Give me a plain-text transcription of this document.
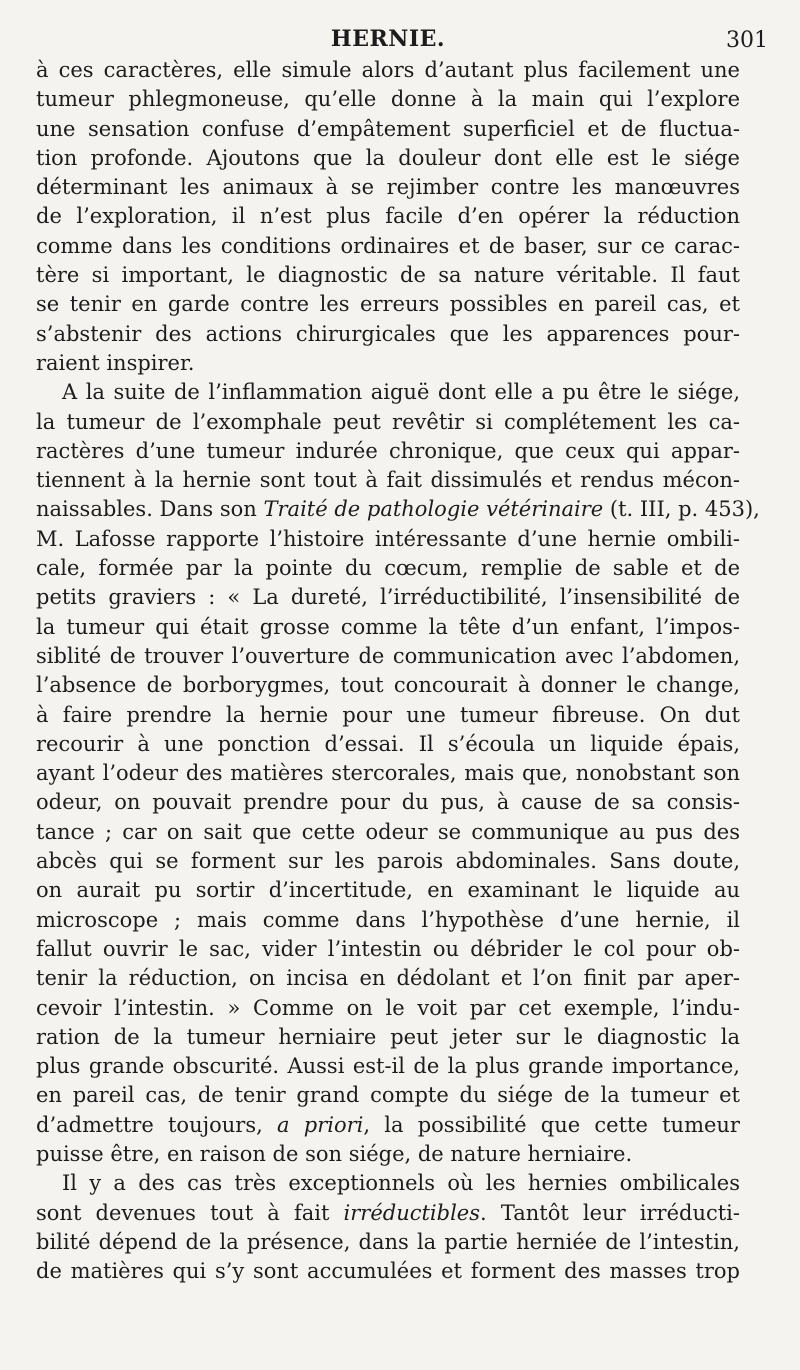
HERNIE.	301

à ces caractères, elle simule alors d’autant plus facilement une
tumeur phlegmoneuse, qu’elle donne à la main qui l’explore
une sensation confuse d’empâtement superficiel et de fluctua-
tion profonde. Ajoutons que la douleur dont elle est le siége
déterminant les animaux à se rejimber contre les manœuvres
de l’exploration, il n’est plus facile d’en opérer la réduction
comme dans les conditions ordinaires et de baser, sur ce carac-
tère si important, le diagnostic de sa nature véritable. Il faut
se tenir en garde contre les erreurs possibles en pareil cas, et
s’abstenir des actions chirurgicales que les apparences pour-
raient inspirer.

A la suite de l’inflammation aiguë dont elle a pu être le siége,
la tumeur de l’exomphale peut revêtir si complétement les ca-
ractères d’une tumeur indurée chronique, que ceux qui appar-
tiennent à la hernie sont tout à fait dissimulés et rendus mécon-
naissables. Dans son Traité de pathologie vétérinaire (t. III, p. 453),
M. Lafosse rapporte l’histoire intéressante d’une hernie ombili-
cale, formée par la pointe du cœcum, remplie de sable et de
petits graviers : « La dureté, l’irréductibilité, l’insensibilité de
la tumeur qui était grosse comme la tête d’un enfant, l’impos-
siblité de trouver l’ouverture de communication avec l’abdomen,
l’absence de borborygmes, tout concourait à donner le change,
à faire prendre la hernie pour une tumeur fibreuse. On dut
recourir à une ponction d’essai. Il s’écoula un liquide épais,
ayant l’odeur des matières stercorales, mais que, nonobstant son
odeur, on pouvait prendre pour du pus, à cause de sa consis-
tance ; car on sait que cette odeur se communique au pus des
abcès qui se forment sur les parois abdominales. Sans doute,
on aurait pu sortir d’incertitude, en examinant le liquide au
microscope ; mais comme dans l’hypothèse d’une hernie, il
fallut ouvrir le sac, vider l’intestin ou débrider le col pour ob-
tenir la réduction, on incisa en dédolant et l’on finit par aper-
cevoir l’intestin. » Comme on le voit par cet exemple, l’indu-
ration de la tumeur herniaire peut jeter sur le diagnostic la
plus grande obscurité. Aussi est-il de la plus grande importance,
en pareil cas, de tenir grand compte du siége de la tumeur et
d’admettre toujours, a priori, la possibilité que cette tumeur
puisse être, en raison de son siége, de nature herniaire.

Il y a des cas très exceptionnels où les hernies ombilicales
sont devenues tout à fait irréductibles. Tantôt leur irréducti-
bilité dépend de la présence, dans la partie herniée de l’intestin,
de matières qui s’y sont accumulées et forment des masses trop
